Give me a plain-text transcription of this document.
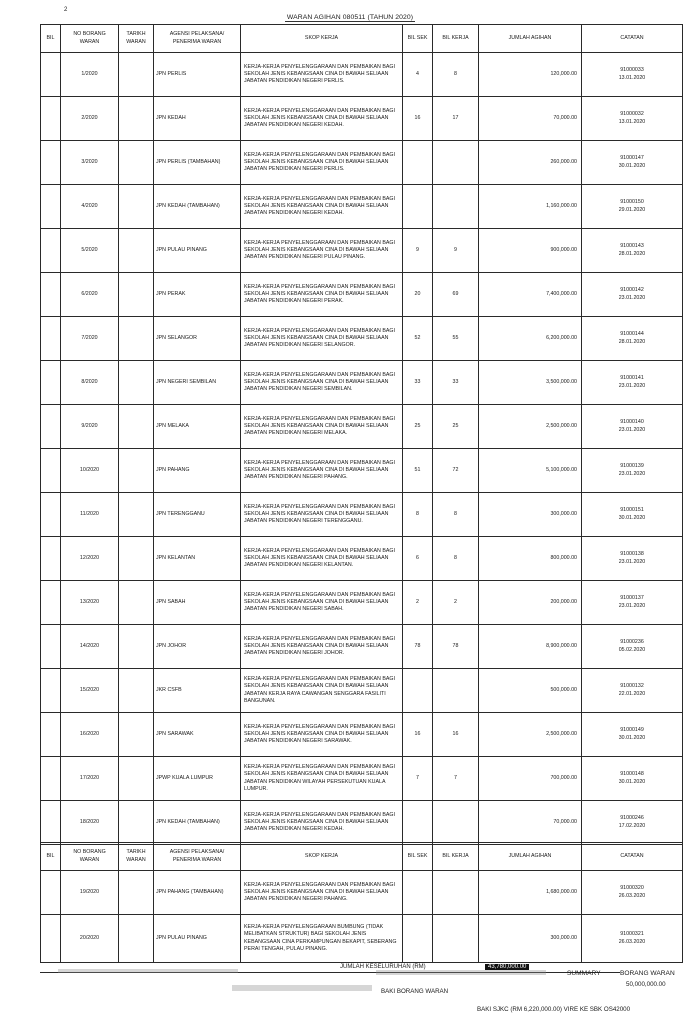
2
WARAN AGIHAN 080511 (TAHUN 2020)
BIL	NO BORANG WARAN	TARIKH WARAN	AGENSI PELAKSANA/ PENERIMA WARAN	SKOP KERJA	BIL SEK	BIL KERJA	JUMLAH AGIHAN	CATATAN
	1/2020		JPN PERLIS	KERJA-KERJA PENYELENGGARAAN DAN PEMBAIKAN BAGI SEKOLAH JENIS KEBANGSAAN CINA DI BAWAH SELIAAN JABATAN PENDIDIKAN NEGERI PERLIS.	4	8	120,000.00	91000033
13.01.2020

	2/2020		JPN KEDAH	KERJA-KERJA PENYELENGGARAAN DAN PEMBAIKAN BAGI SEKOLAH JENIS KEBANGSAAN CINA DI BAWAH SELIAAN JABATAN PENDIDIKAN NEGERI KEDAH.	16	17	70,000.00	91000032
13.01.2020

	3/2020		JPN PERLIS (TAMBAHAN)	KERJA-KERJA PENYELENGGARAAN DAN PEMBAIKAN BAGI SEKOLAH JENIS KEBANGSAAN CINA DI BAWAH SELIAAN JABATAN PENDIDIKAN NEGERI PERLIS.			260,000.00	91000147
30.01.2020

	4/2020		JPN KEDAH (TAMBAHAN)	KERJA-KERJA PENYELENGGARAAN DAN PEMBAIKAN BAGI SEKOLAH JENIS KEBANGSAAN CINA DI BAWAH SELIAAN JABATAN PENDIDIKAN NEGERI KEDAH.			1,160,000.00	91000150
29.01.2020

	5/2020		JPN PULAU PINANG	KERJA-KERJA PENYELENGGARAAN DAN PEMBAIKAN BAGI SEKOLAH JENIS KEBANGSAAN CINA DI BAWAH SELIAAN JABATAN PENDIDIKAN NEGERI PULAU PINANG.	9	9	900,000.00	91000143
28.01.2020

	6/2020		JPN PERAK	KERJA-KERJA PENYELENGGARAAN DAN PEMBAIKAN BAGI SEKOLAH JENIS KEBANGSAAN CINA DI BAWAH SELIAAN JABATAN PENDIDIKAN NEGERI PERAK.	20	69	7,400,000.00	91000142
23.01.2020

	7/2020		JPN SELANGOR	KERJA-KERJA PENYELENGGARAAN DAN PEMBAIKAN BAGI SEKOLAH JENIS KEBANGSAAN CINA DI BAWAH SELIAAN JABATAN PENDIDIKAN NEGERI SELANGOR.	52	55	6,200,000.00	91000144
28.01.2020

	8/2020		JPN NEGERI SEMBILAN	KERJA-KERJA PENYELENGGARAAN DAN PEMBAIKAN BAGI SEKOLAH JENIS KEBANGSAAN CINA DI BAWAH SELIAAN JABATAN PENDIDIKAN NEGERI SEMBILAN.	33	33	3,500,000.00	91000141
23.01.2020

	9/2020		JPN MELAKA	KERJA-KERJA PENYELENGGARAAN DAN PEMBAIKAN BAGI SEKOLAH JENIS KEBANGSAAN CINA DI BAWAH SELIAAN JABATAN PENDIDIKAN NEGERI MELAKA.	25	25	2,500,000.00	91000140
23.01.2020

	10/2020		JPN PAHANG	KERJA-KERJA PENYELENGGARAAN DAN PEMBAIKAN BAGI SEKOLAH JENIS KEBANGSAAN CINA DI BAWAH SELIAAN JABATAN PENDIDIKAN NEGERI PAHANG.	51	72	5,100,000.00	91000139
23.01.2020

	11/2020		JPN TERENGGANU	KERJA-KERJA PENYELENGGARAAN DAN PEMBAIKAN BAGI SEKOLAH JENIS KEBANGSAAN CINA DI BAWAH SELIAAN JABATAN PENDIDIKAN NEGERI TERENGGANU.	8	8	300,000.00	91000151
30.01.2020

	12/2020		JPN KELANTAN	KERJA-KERJA PENYELENGGARAAN DAN PEMBAIKAN BAGI SEKOLAH JENIS KEBANGSAAN CINA DI BAWAH SELIAAN JABATAN PENDIDIKAN NEGERI KELANTAN.	6	8	800,000.00	91000138
23.01.2020

	13/2020		JPN SABAH	KERJA-KERJA PENYELENGGARAAN DAN PEMBAIKAN BAGI SEKOLAH JENIS KEBANGSAAN CINA DI BAWAH SELIAAN JABATAN PENDIDIKAN NEGERI SABAH.	2	2	200,000.00	91000137
23.01.2020

	14/2020		JPN JOHOR	KERJA-KERJA PENYELENGGARAAN DAN PEMBAIKAN BAGI SEKOLAH JENIS KEBANGSAAN CINA DI BAWAH SELIAAN JABATAN PENDIDIKAN NEGERI JOHOR.	78	78	8,900,000.00	91000236
05.02.2020

	15/2020		JKR CSFB	KERJA-KERJA PENYELENGGARAAN DAN PEMBAIKAN BAGI SEKOLAH JENIS KEBANGSAAN CINA DI BAWAH SELIAAN JABATAN KERJA RAYA CAWANGAN SENGGARA FASILITI BANGUNAN.			500,000.00	91000132
22.01.2020

	16/2020		JPN SARAWAK	KERJA-KERJA PENYELENGGARAAN DAN PEMBAIKAN BAGI SEKOLAH JENIS KEBANGSAAN CINA DI BAWAH SELIAAN JABATAN PENDIDIKAN NEGERI SARAWAK.	16	16	2,500,000.00	91000149
30.01.2020

	17/2020		JPWP KUALA LUMPUR	KERJA-KERJA PENYELENGGARAAN DAN PEMBAIKAN BAGI SEKOLAH JENIS KEBANGSAAN CINA DI BAWAH SELIAAN JABATAN PENDIDIKAN WILAYAH PERSEKUTUAN KUALA LUMPUR.	7	7	700,000.00	91000148
30.01.2020

	18/2020		JPN KEDAH (TAMBAHAN)	KERJA-KERJA PENYELENGGARAAN DAN PEMBAIKAN BAGI SEKOLAH JENIS KEBANGSAAN CINA DI BAWAH SELIAAN JABATAN PENDIDIKAN NEGERI KEDAH.			70,000.00	91000246
17.02.2020
BIL	NO BORANG WARAN	TARIKH WARAN	AGENSI PELAKSANA/ PENERIMA WARAN	SKOP KERJA	BIL SEK	BIL KERJA	JUMLAH AGIHAN	CATATAN
	19/2020		JPN PAHANG (TAMBAHAN)	KERJA-KERJA PENYELENGGARAAN DAN PEMBAIKAN BAGI SEKOLAH JENIS KEBANGSAAN CINA DI BAWAH SELIAAN JABATAN PENDIDIKAN NEGERI PAHANG.			1,680,000.00	91000320
26.03.2020

	20/2020		JPN PULAU PINANG	KERJA-KERJA PENYELENGGARAAN BUMBUNG (TIDAK MELIBATKAN STRUKTUR) BAGI SEKOLAH JENIS KEBANGSAAN CINA PERKAMPUNGAN BEKAPIT, SEBERANG PERAI TENGAH, PULAU PINANG.			300,000.00	91000321
26.03.2020
JUMLAH KESELURUHAN (RM)	43,780,000.00
SUMMARY	BORANG WARAN
50,000,000.00
BAKI BORANG WARAN
BAKI SJKC (RM 6,220,000.00) VIRE KE SBK OS42000
